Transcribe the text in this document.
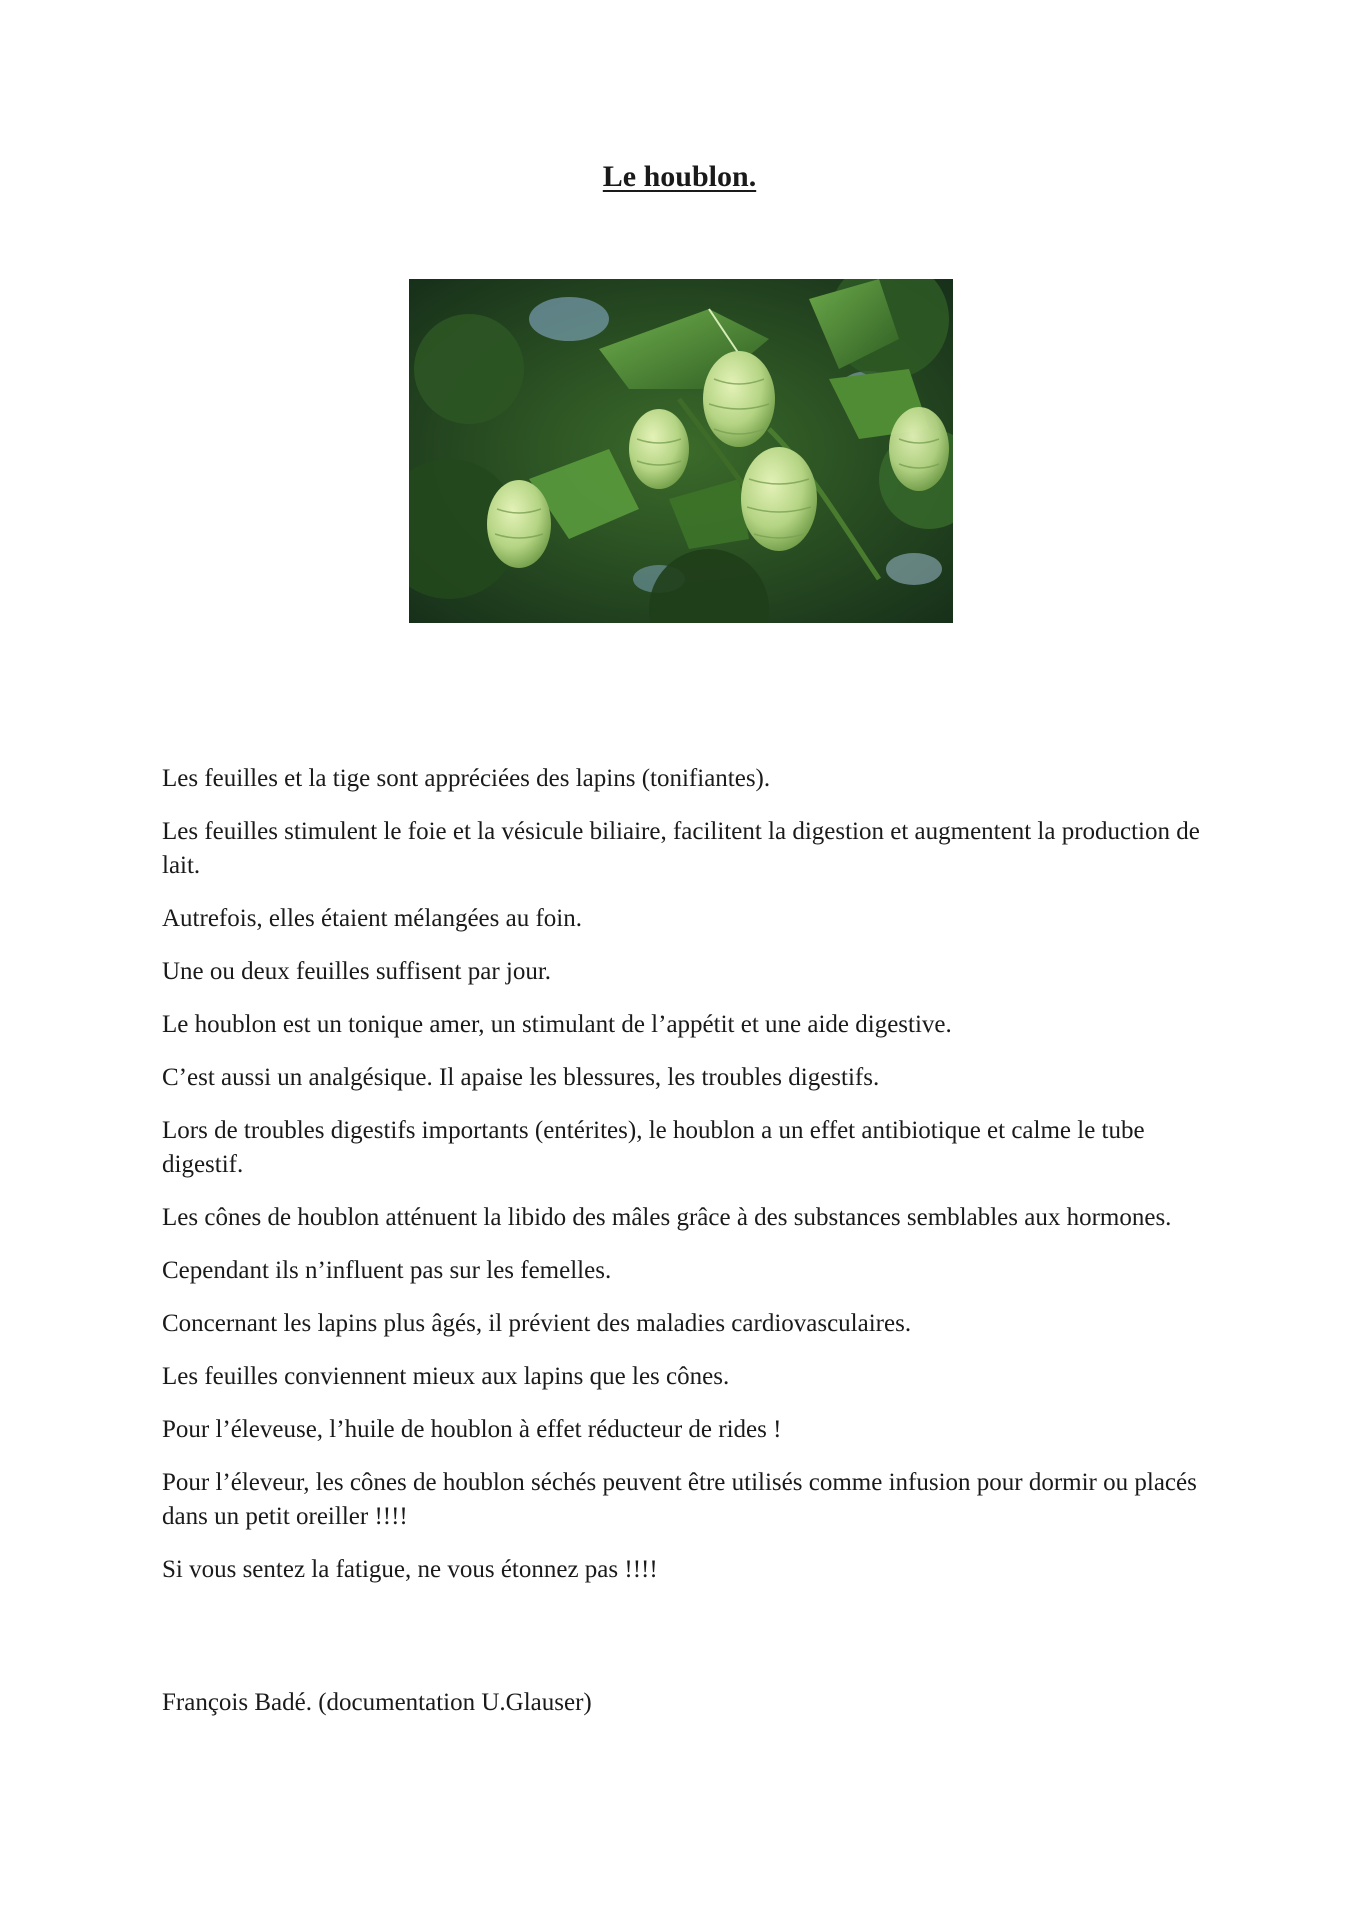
Le houblon.

Les feuilles et la tige sont appréciées des lapins (tonifiantes).

Les feuilles stimulent le foie et la vésicule biliaire, facilitent la digestion et augmentent la production de lait.

Autrefois, elles étaient mélangées au foin.

Une ou deux feuilles suffisent par jour.

Le houblon est un tonique amer, un stimulant de l’appétit et une aide digestive.

C’est aussi un analgésique. Il apaise les blessures, les troubles digestifs.

Lors de troubles digestifs importants (entérites), le houblon a un effet antibiotique et calme le tube digestif.

Les cônes de houblon atténuent la libido des mâles grâce à des substances semblables aux hormones.

Cependant ils n’influent pas sur les femelles.

Concernant les lapins plus âgés, il prévient des maladies cardiovasculaires.

Les feuilles conviennent mieux aux lapins que les cônes.

Pour l’éleveuse, l’huile de houblon à effet réducteur de rides !

Pour l’éleveur, les cônes de houblon séchés peuvent être utilisés comme infusion pour dormir ou placés dans un petit oreiller !!!!

Si vous sentez la fatigue, ne vous étonnez pas !!!!

François Badé. (documentation U.Glauser)
